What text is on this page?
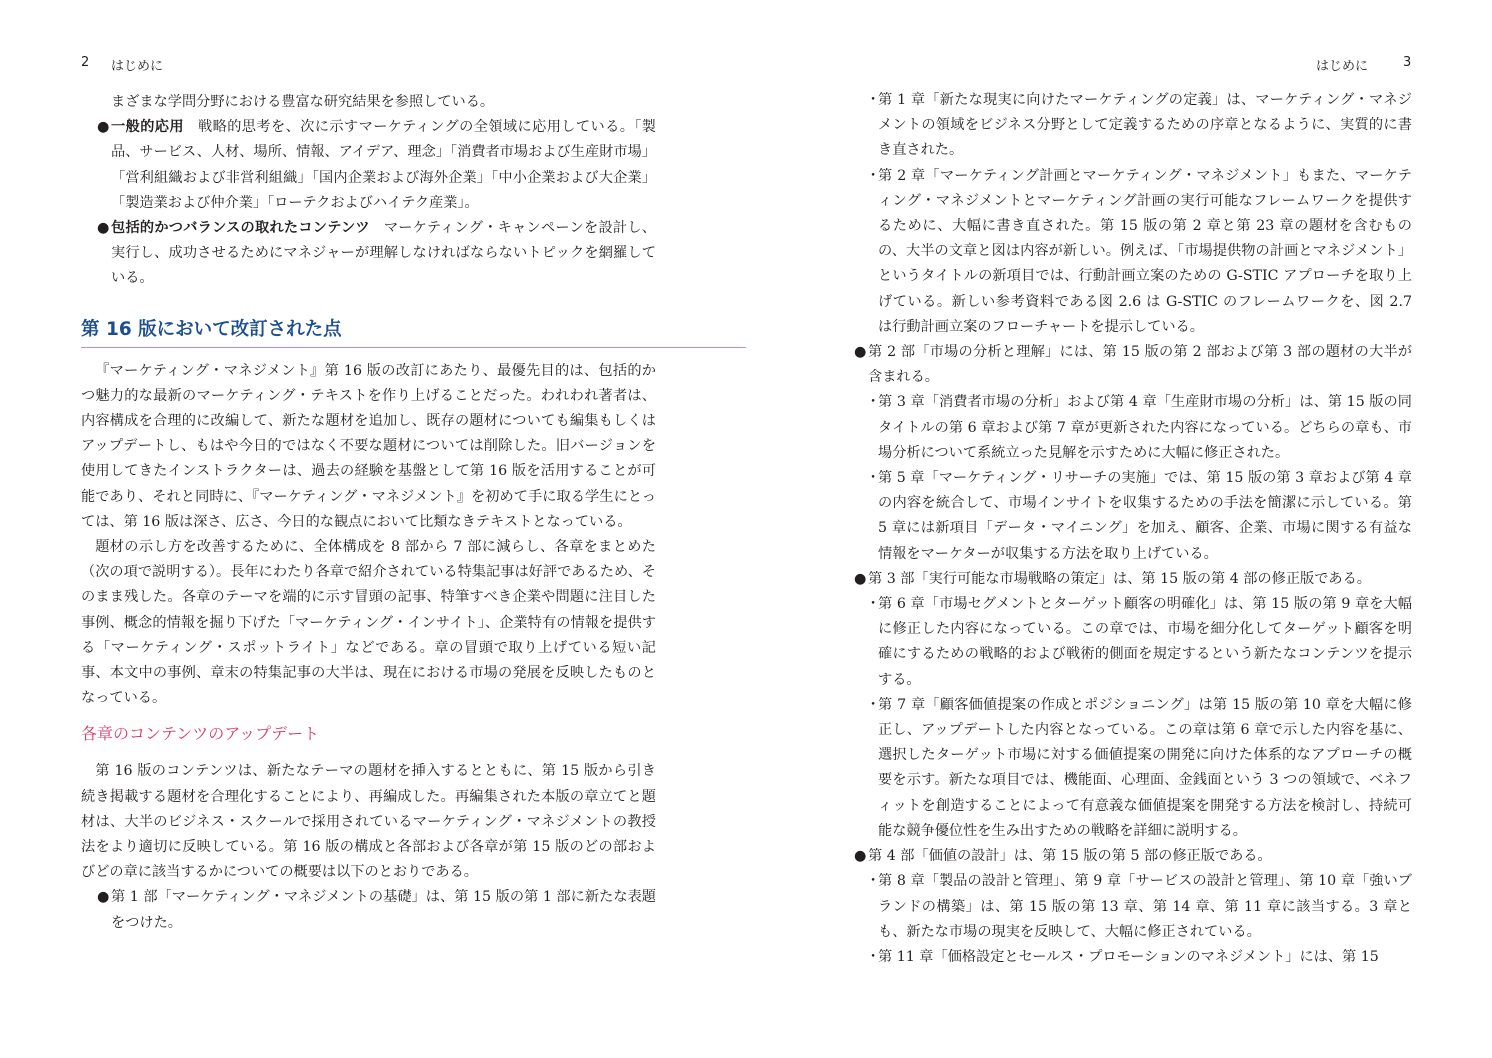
2 はじめに

まざまな学問分野における豊富な研究結果を参照している。

● 一般的応用 戦略的思考を、次に示すマーケティングの全領域に応用している。「製品、サービス、人材、場所、情報、アイデア、理念」「消費者市場および生産財市場」「営利組織および非営利組織」「国内企業および海外企業」「中小企業および大企業」「製造業および仲介業」「ローテクおよびハイテク産業」。
● 包括的かつバランスの取れたコンテンツ マーケティング・キャンペーンを設計し、実行し、成功させるためにマネジャーが理解しなければならないトピックを網羅している。
第 16 版において改訂された点

『マーケティング・マネジメント』第 16 版の改訂にあたり、最優先目的は、包括的かつ魅力的な最新のマーケティング・テキストを作り上げることだった。われわれ著者は、内容構成を合理的に改編して、新たな題材を追加し、既存の題材についても編集もしくはアップデートし、もはや今日的ではなく不要な題材については削除した。旧バージョンを使用してきたインストラクターは、過去の経験を基盤として第 16 版を活用することが可能であり、それと同時に、『マーケティング・マネジメント』を初めて手に取る学生にとっては、第 16 版は深さ、広さ、今日的な観点において比類なきテキストとなっている。

題材の示し方を改善するために、全体構成を 8 部から 7 部に減らし、各章をまとめた（次の項で説明する）。長年にわたり各章で紹介されている特集記事は好評であるため、そのまま残した。各章のテーマを端的に示す冒頭の記事、特筆すべき企業や問題に注目した事例、概念的情報を掘り下げた「マーケティング・インサイト」、企業特有の情報を提供する「マーケティング・スポットライト」などである。章の冒頭で取り上げている短い記事、本文中の事例、章末の特集記事の大半は、現在における市場の発展を反映したものとなっている。

各章のコンテンツのアップデート

第 16 版のコンテンツは、新たなテーマの題材を挿入するとともに、第 15 版から引き続き掲載する題材を合理化することにより、再編成した。再編集された本版の章立てと題材は、大半のビジネス・スクールで採用されているマーケティング・マネジメントの教授法をより適切に反映している。第 16 版の構成と各部および各章が第 15 版のどの部およびどの章に該当するかについての概要は以下のとおりである。

● 第 1 部「マーケティング・マネジメントの基礎」は、第 15 版の第 1 部に新たな表題をつけた。
はじめに	3
・
第 1 章「新たな現実に向けたマーケティングの定義」は、マーケティング・マネジメントの領域をビジネス分野として定義するための序章となるように、実質的に書き直された。
・
第 2 章「マーケティング計画とマーケティング・マネジメント」もまた、マーケティング・マネジメントとマーケティング計画の実行可能なフレームワークを提供するために、大幅に書き直された。第 15 版の第 2 章と第 23 章の題材を含むものの、大半の文章と図は内容が新しい。例えば、「市場提供物の計画とマネジメント」というタイトルの新項目では、行動計画立案のための G-STIC アプローチを取り上げている。新しい参考資料である図 2.6 は G-STIC のフレームワークを、図 2.7 は行動計画立案のフローチャートを提示している。
● 第 2 部「市場の分析と理解」には、第 15 版の第 2 部および第 3 部の題材の大半が含まれる。
・
第 3 章「消費者市場の分析」および第 4 章「生産財市場の分析」は、第 15 版の同タイトルの第 6 章および第 7 章が更新された内容になっている。どちらの章も、市場分析について系統立った見解を示すために大幅に修正された。
・
第 5 章「マーケティング・リサーチの実施」では、第 15 版の第 3 章および第 4 章の内容を統合して、市場インサイトを収集するための手法を簡潔に示している。第 5 章には新項目「データ・マイニング」を加え、顧客、企業、市場に関する有益な情報をマーケターが収集する方法を取り上げている。
● 第 3 部「実行可能な市場戦略の策定」は、第 15 版の第 4 部の修正版である。
・
第 6 章「市場セグメントとターゲット顧客の明確化」は、第 15 版の第 9 章を大幅に修正した内容になっている。この章では、市場を細分化してターゲット顧客を明確にするための戦略的および戦術的側面を規定するという新たなコンテンツを提示する。
・
第 7 章「顧客価値提案の作成とポジショニング」は第 15 版の第 10 章を大幅に修正し、アップデートした内容となっている。この章は第 6 章で示した内容を基に、選択したターゲット市場に対する価値提案の開発に向けた体系的なアプローチの概要を示す。新たな項目では、機能面、心理面、金銭面という 3 つの領域で、ベネフィットを創造することによって有意義な価値提案を開発する方法を検討し、持続可能な競争優位性を生み出すための戦略を詳細に説明する。
● 第 4 部「価値の設計」は、第 15 版の第 5 部の修正版である。
・
第 8 章「製品の設計と管理」、第 9 章「サービスの設計と管理」、第 10 章「強いブランドの構築」は、第 15 版の第 13 章、第 14 章、第 11 章に該当する。3 章とも、新たな市場の現実を反映して、大幅に修正されている。
・
第 11 章「価格設定とセールス・プロモーションのマネジメント」には、第 15
